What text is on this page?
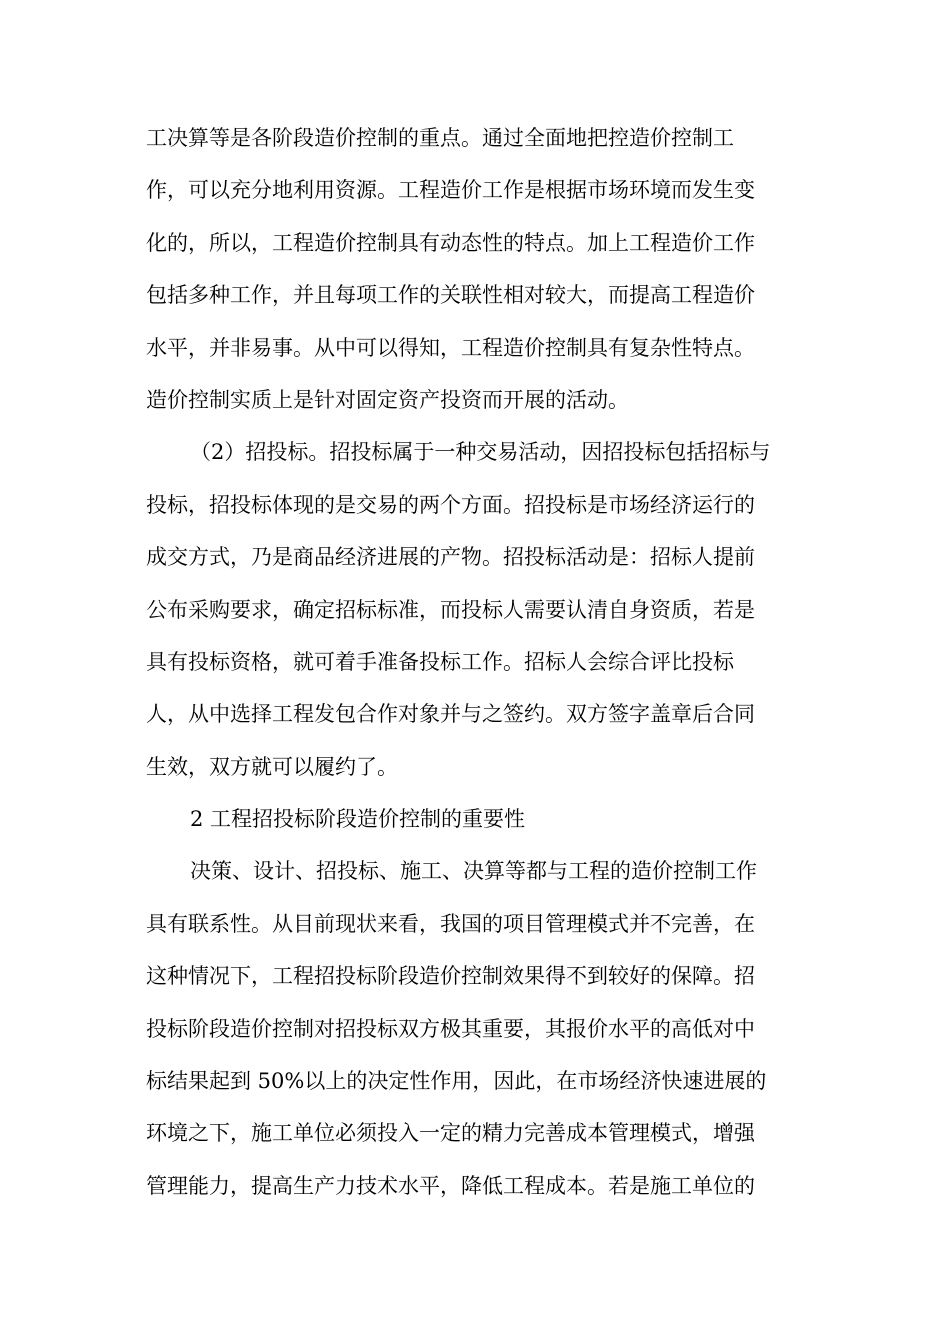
工决算等是各阶段造价控制的重点。通过全面地把控造价控制工
作，可以充分地利用资源。工程造价工作是根据市场环境而发生变
化的，所以，工程造价控制具有动态性的特点。加上工程造价工作
包括多种工作，并且每项工作的关联性相对较大，而提高工程造价
水平，并非易事。从中可以得知，工程造价控制具有复杂性特点。
造价控制实质上是针对固定资产投资而开展的活动。
（2）招投标。招投标属于一种交易活动，因招投标包括招标与
投标，招投标体现的是交易的两个方面。招投标是市场经济运行的
成交方式，乃是商品经济进展的产物。招投标活动是：招标人提前
公布采购要求，确定招标标准，而投标人需要认清自身资质，若是
具有投标资格，就可着手准备投标工作。招标人会综合评比投标
人，从中选择工程发包合作对象并与之签约。双方签字盖章后合同
生效，双方就可以履约了。
2 工程招投标阶段造价控制的重要性
决策、设计、招投标、施工、决算等都与工程的造价控制工作
具有联系性。从目前现状来看，我国的项目管理模式并不完善，在
这种情况下，工程招投标阶段造价控制效果得不到较好的保障。招
投标阶段造价控制对招投标双方极其重要，其报价水平的高低对中
标结果起到 50%以上的决定性作用，因此，在市场经济快速进展的
环境之下，施工单位必须投入一定的精力完善成本管理模式，增强
管理能力，提高生产力技术水平，降低工程成本。若是施工单位的
